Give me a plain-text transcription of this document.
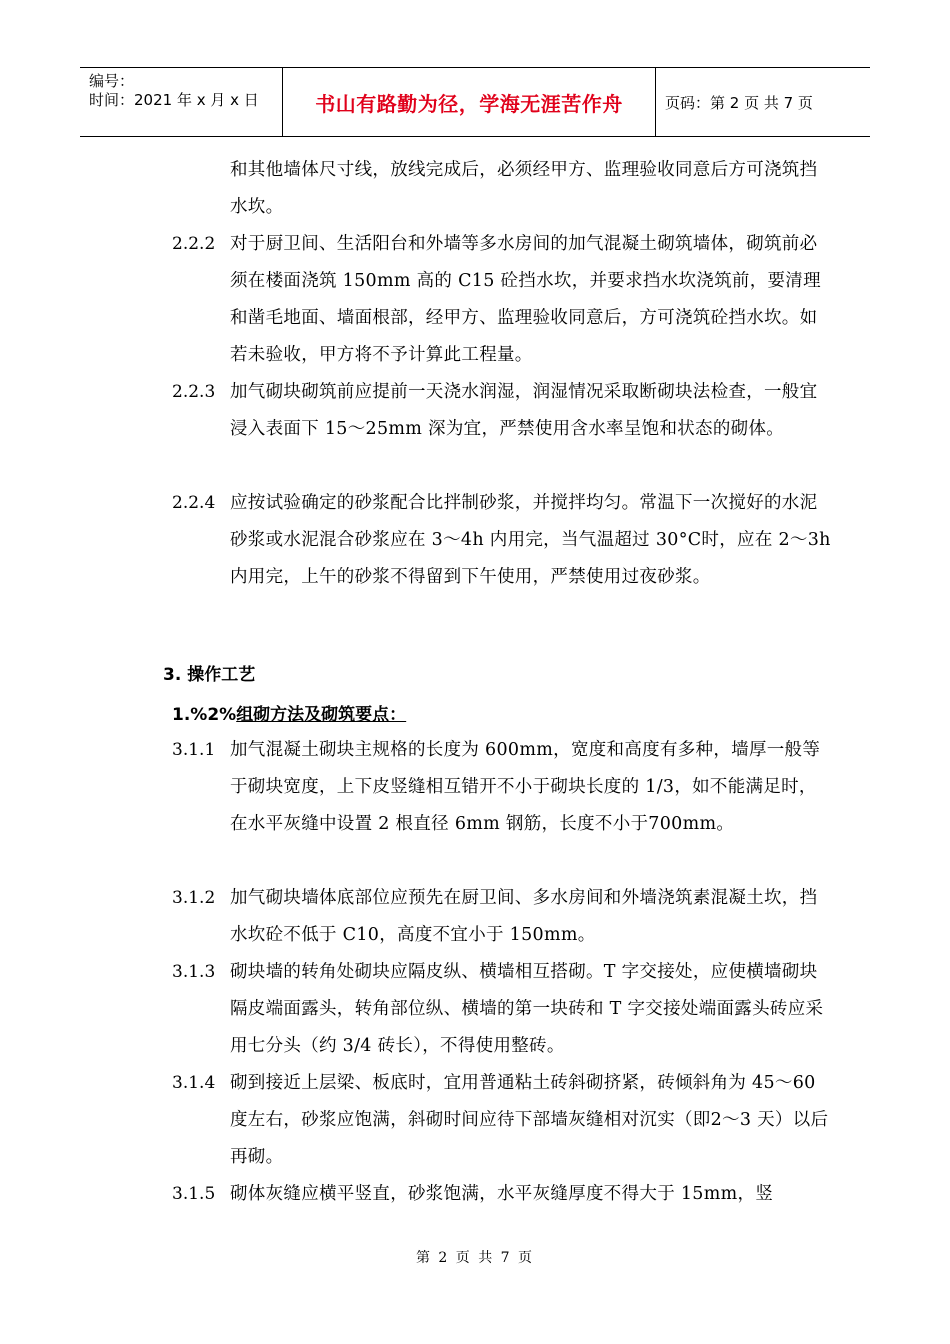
编号：
时间：2021 年 x 月 x 日	书山有路勤为径，学海无涯苦作舟	页码：第 2 页 共 7 页
和其他墙体尺寸线，放线完成后，必须经甲方、监理验收同意后方可浇筑挡水坎。
2.2.2 对于厨卫间、生活阳台和外墙等多水房间的加气混凝土砌筑墙体，砌筑前必须在楼面浇筑 150mm 高的 C15 砼挡水坎，并要求挡水坎浇筑前，要清理和凿毛地面、墙面根部，经甲方、监理验收同意后，方可浇筑砼挡水坎。如若未验收，甲方将不予计算此工程量。
2.2.3 加气砌块砌筑前应提前一天浇水润湿，润湿情况采取断砌块法检查，一般宜浸入表面下 15～25mm 深为宜，严禁使用含水率呈饱和状态的砌体。
2.2.4 应按试验确定的砂浆配合比拌制砂浆，并搅拌均匀。常温下一次搅好的水泥砂浆或水泥混合砂浆应在 3～4h 内用完，当气温超过 30°C时，应在 2～3h 内用完，上午的砂浆不得留到下午使用，严禁使用过夜砂浆。
3. 操作工艺
1.%2%组砌方法及砌筑要点：
3.1.1 加气混凝土砌块主规格的长度为 600mm，宽度和高度有多种，墙厚一般等于砌块宽度，上下皮竖缝相互错开不小于砌块长度的 1/3，如不能满足时，在水平灰缝中设置 2 根直径 6mm 钢筋，长度不小于700mm。
3.1.2 加气砌块墙体底部位应预先在厨卫间、多水房间和外墙浇筑素混凝土坎，挡水坎砼不低于 C10，高度不宜小于 150mm。
3.1.3 砌块墙的转角处砌块应隔皮纵、横墙相互搭砌。T 字交接处，应使横墙砌块隔皮端面露头，转角部位纵、横墙的第一块砖和 T 字交接处端面露头砖应采用七分头（约 3/4 砖长），不得使用整砖。
3.1.4 砌到接近上层梁、板底时，宜用普通粘土砖斜砌挤紧，砖倾斜角为 45～60 度左右，砂浆应饱满，斜砌时间应待下部墙灰缝相对沉实（即2～3 天）以后再砌。
3.1.5 砌体灰缝应横平竖直，砂浆饱满，水平灰缝厚度不得大于 15mm，竖
第 2 页 共 7 页
